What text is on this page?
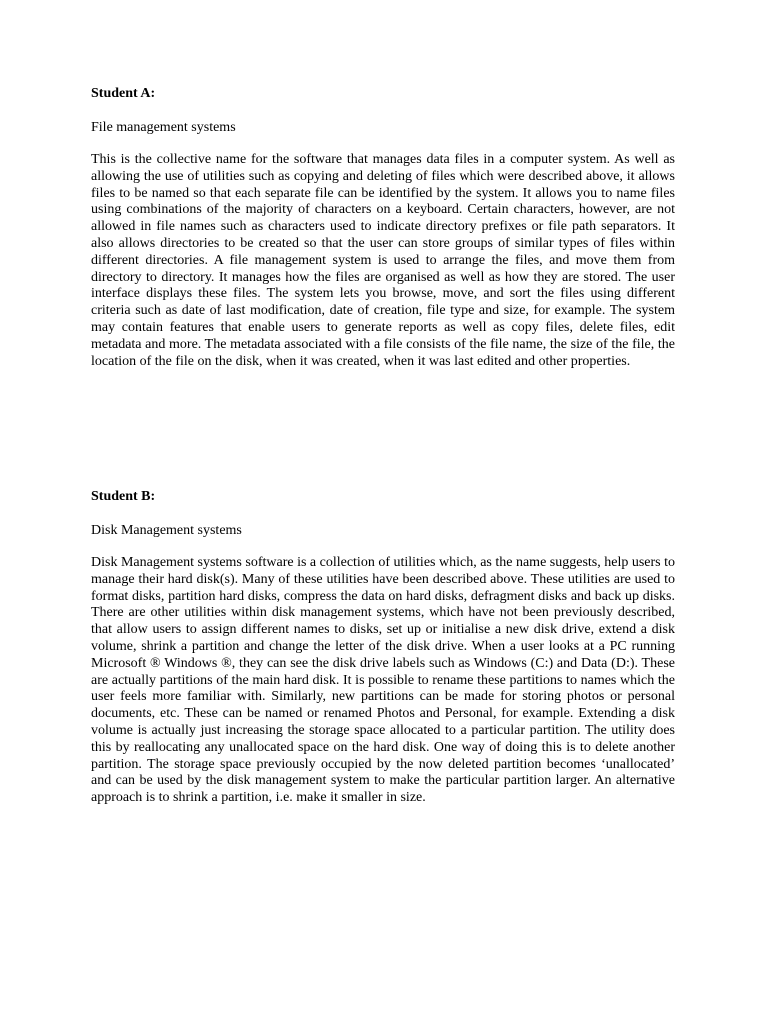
Student A:

File management systems

This is the collective name for the software that manages data files in a computer system. As well as allowing the use of utilities such as copying and deleting of files which were described above, it allows files to be named so that each separate file can be identified by the system. It allows you to name files using combinations of the majority of characters on a keyboard. Certain characters, however, are not allowed in file names such as characters used to indicate directory prefixes or file path separators. It also allows directories to be created so that the user can store groups of similar types of files within different directories. A file management system is used to arrange the files, and move them from directory to directory. It manages how the files are organised as well as how they are stored. The user interface displays these files. The system lets you browse, move, and sort the files using different criteria such as date of last modification, date of creation, file type and size, for example. The system may contain features that enable users to generate reports as well as copy files, delete files, edit metadata and more. The metadata associated with a file consists of the file name, the size of the file, the location of the file on the disk, when it was created, when it was last edited and other properties.

Student B:

Disk Management systems

Disk Management systems software is a collection of utilities which, as the name suggests, help users to manage their hard disk(s). Many of these utilities have been described above. These utilities are used to format disks, partition hard disks, compress the data on hard disks, defragment disks and back up disks. There are other utilities within disk management systems, which have not been previously described, that allow users to assign different names to disks, set up or initialise a new disk drive, extend a disk volume, shrink a partition and change the letter of the disk drive. When a user looks at a PC running Microsoft ® Windows ®, they can see the disk drive labels such as Windows (C:) and Data (D:). These are actually partitions of the main hard disk. It is possible to rename these partitions to names which the user feels more familiar with. Similarly, new partitions can be made for storing photos or personal documents, etc. These can be named or renamed Photos and Personal, for example. Extending a disk volume is actually just increasing the storage space allocated to a particular partition. The utility does this by reallocating any unallocated space on the hard disk. One way of doing this is to delete another partition. The storage space previously occupied by the now deleted partition becomes ‘unallocated’ and can be used by the disk management system to make the particular partition larger. An alternative approach is to shrink a partition, i.e. make it smaller in size.
